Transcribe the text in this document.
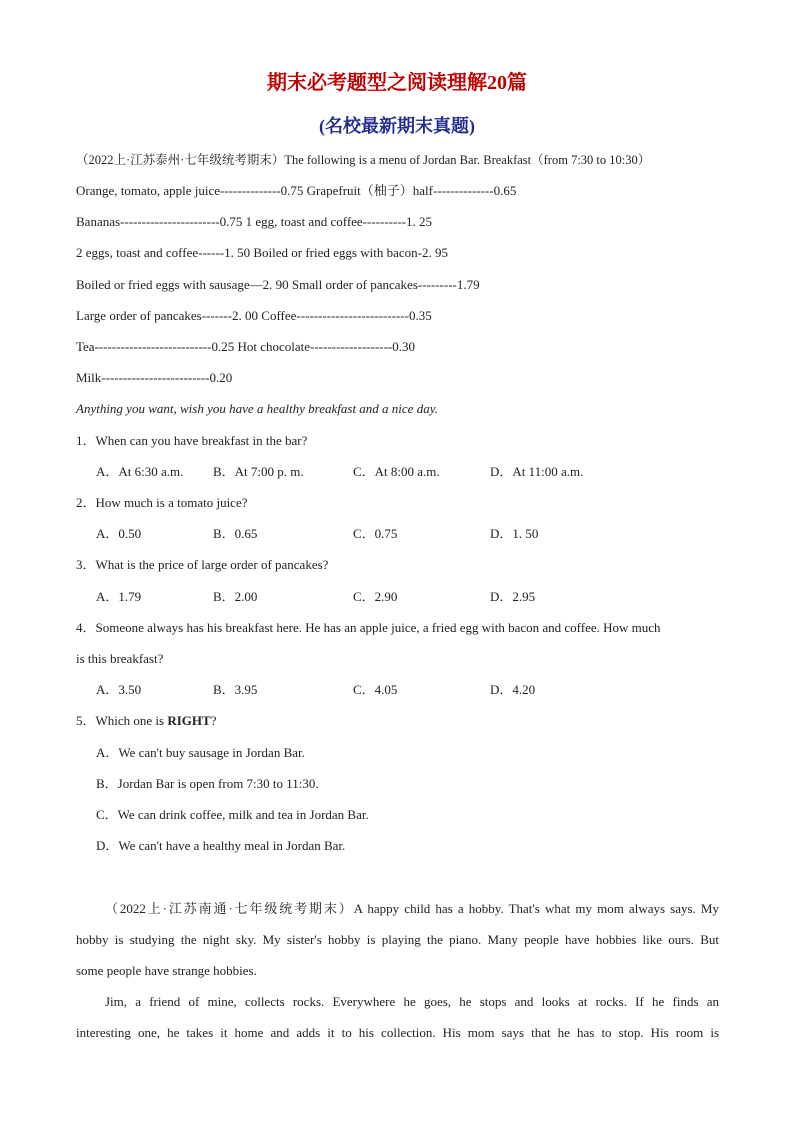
期末必考题型之阅读理解20篇
(名校最新期末真题)
（2022上·江苏泰州·七年级统考期末）The following is a menu of Jordan Bar. Breakfast（from 7:30 to 10:30）
Orange, tomato, apple juice--------------0.75 Grapefruit（柚子）half--------------0.65
Bananas-----------------------0.75 1 egg, toast and coffee----------1. 25
2 eggs, toast and coffee------1. 50 Boiled or fried eggs with bacon-2. 95
Boiled or fried eggs with sausage—2. 90 Small order of pancakes---------1.79
Large order of pancakes-------2. 00 Coffee--------------------------0.35
Tea---------------------------0.25 Hot chocolate-------------------0.30
Milk-------------------------0.20
Anything you want, wish you have a healthy breakfast and a nice day.
1．When can you have breakfast in the bar?
A．At 6:30 a.m. B．At 7:00 p. m.	C．At 8:00 a.m.	D．At 11:00 a.m.
2．How much is a tomato juice?
A．0.50	B．0.65	C．0.75	D．1. 50
3．What is the price of large order of pancakes?
A．1.79	B．2.00	C．2.90	D．2.95
4．Someone always has his breakfast here. He has an apple juice, a fried egg with bacon and coffee. How much
is this breakfast?
A．3.50	B．3.95	C．4.05	D．4.20
5．Which one is RIGHT?
A．We can't buy sausage in Jordan Bar.
B．Jordan Bar is open from 7:30 to 11:30.
C．We can drink coffee, milk and tea in Jordan Bar.
D．We can't have a healthy meal in Jordan Bar.
（2022上·江苏南通·七年级统考期末）A happy child has a hobby. That's what my mom always says. My
hobby is studying the night sky. My sister's hobby is playing the piano. Many people have hobbies like ours. But
some people have strange hobbies.
Jim, a friend of mine, collects rocks. Everywhere he goes, he stops and looks at rocks. If he finds an
interesting one, he takes it home and adds it to his collection. His mom says that he has to stop. His room is
